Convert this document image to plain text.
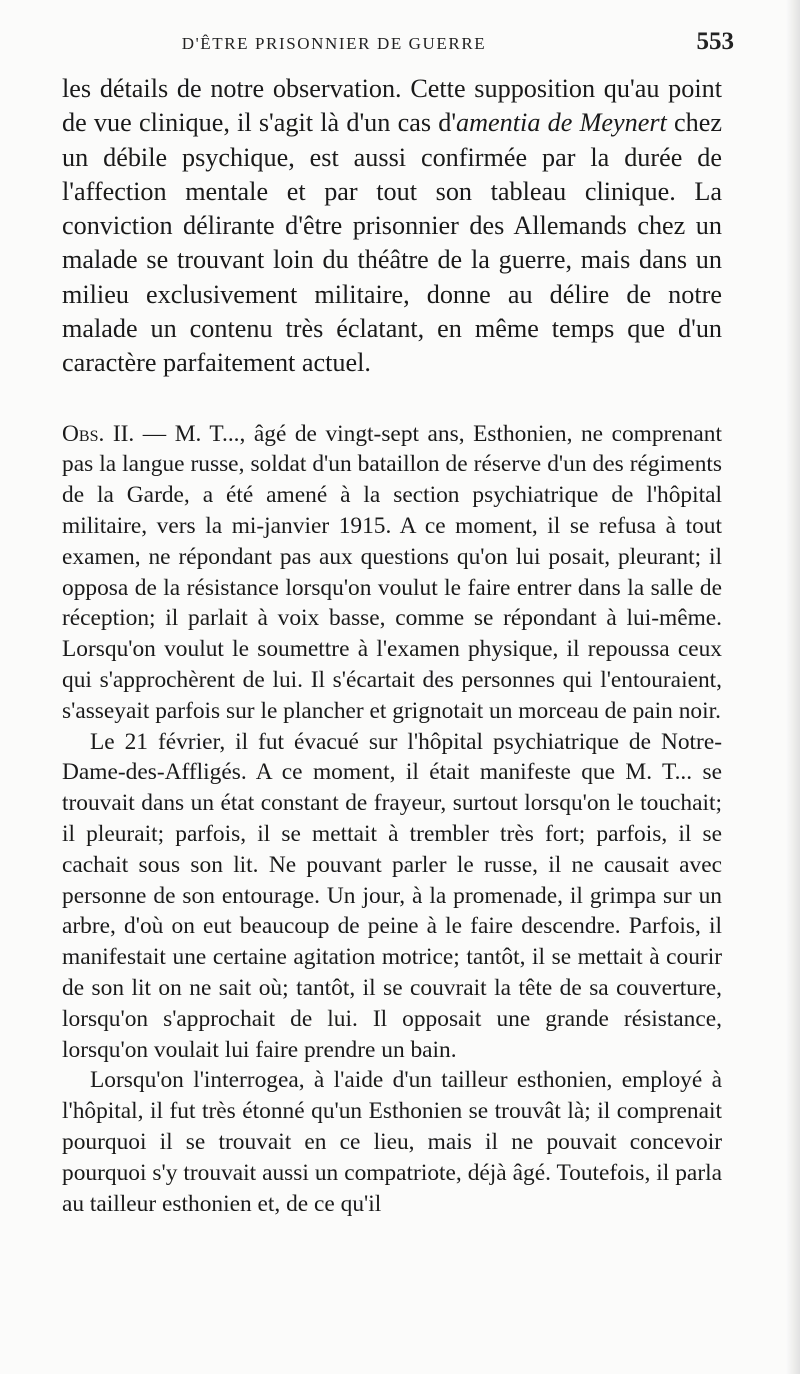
D'ÊTRE PRISONNIER DE GUERRE	553

les détails de notre observation. Cette supposition qu'au point de vue clinique, il s'agit là d'un cas d'amentia de Meynert chez un débile psychique, est aussi confirmée par la durée de l'affection mentale et par tout son tableau clinique. La conviction délirante d'être prisonnier des Allemands chez un malade se trouvant loin du théâtre de la guerre, mais dans un milieu exclusivement militaire, donne au délire de notre malade un contenu très éclatant, en même temps que d'un caractère parfaitement actuel.

Obs. II. — M. T..., âgé de vingt-sept ans, Esthonien, ne comprenant pas la langue russe, soldat d'un bataillon de réserve d'un des régiments de la Garde, a été amené à la section psychiatrique de l'hôpital militaire, vers la mi-janvier 1915. A ce moment, il se refusa à tout examen, ne répondant pas aux questions qu'on lui posait, pleurant; il opposa de la résistance lorsqu'on voulut le faire entrer dans la salle de réception; il parlait à voix basse, comme se répondant à lui-même. Lorsqu'on voulut le soumettre à l'examen physique, il repoussa ceux qui s'approchèrent de lui. Il s'écartait des personnes qui l'entouraient, s'asseyait parfois sur le plancher et grignotait un morceau de pain noir.

Le 21 février, il fut évacué sur l'hôpital psychiatrique de Notre-Dame-des-Affligés. A ce moment, il était manifeste que M. T... se trouvait dans un état constant de frayeur, surtout lorsqu'on le touchait; il pleurait; parfois, il se mettait à trembler très fort; parfois, il se cachait sous son lit. Ne pouvant parler le russe, il ne causait avec personne de son entourage. Un jour, à la promenade, il grimpa sur un arbre, d'où on eut beaucoup de peine à le faire descendre. Parfois, il manifestait une certaine agitation motrice; tantôt, il se mettait à courir de son lit on ne sait où; tantôt, il se couvrait la tête de sa couverture, lorsqu'on s'approchait de lui. Il opposait une grande résistance, lorsqu'on voulait lui faire prendre un bain.

Lorsqu'on l'interrogea, à l'aide d'un tailleur esthonien, employé à l'hôpital, il fut très étonné qu'un Esthonien se trouvât là; il comprenait pourquoi il se trouvait en ce lieu, mais il ne pouvait concevoir pourquoi s'y trouvait aussi un compatriote, déjà âgé. Toutefois, il parla au tailleur esthonien et, de ce qu'il
